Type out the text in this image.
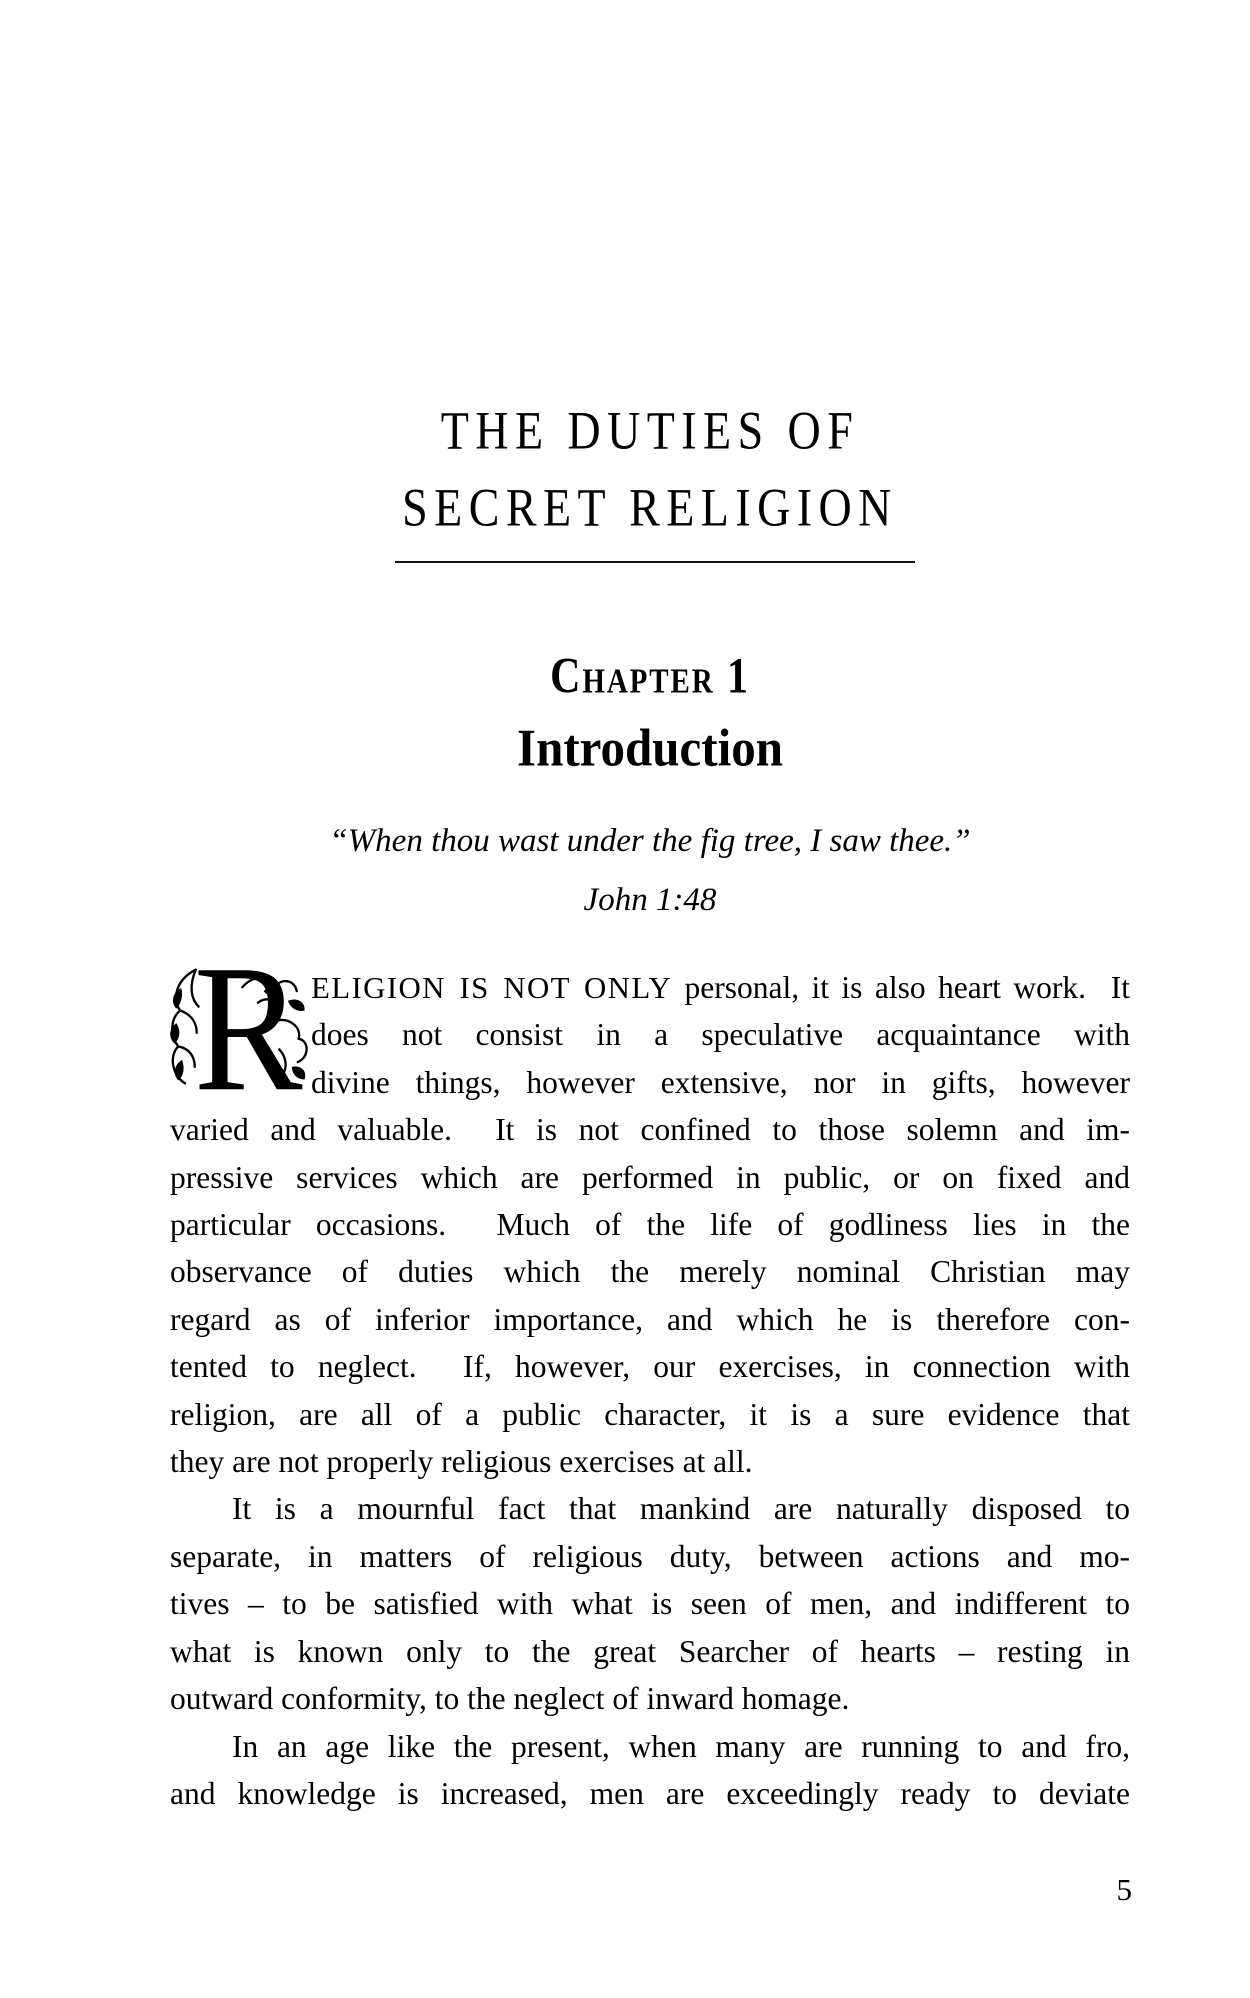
THE DUTIES OF
SECRET RELIGION
Chapter 1
Introduction
“When thou wast under the fig tree, I saw thee.”
John 1:48
R ELIGION IS NOT ONLY personal, it is also heart work.  It
does not consist in a speculative acquaintance with
divine things, however extensive, nor in gifts, however
varied and valuable.  It is not confined to those solemn and im-
pressive services which are performed in public, or on fixed and
particular occasions.  Much of the life of godliness lies in the
observance of duties which the merely nominal Christian may
regard as of inferior importance, and which he is therefore con-
tented to neglect.  If, however, our exercises, in connection with
religion, are all of a public character, it is a sure evidence that
they are not properly religious exercises at all.
It is a mournful fact that mankind are naturally disposed to
separate, in matters of religious duty, between actions and mo-
tives – to be satisfied with what is seen of men, and indifferent to
what is known only to the great Searcher of hearts – resting in
outward conformity, to the neglect of inward homage.
In an age like the present, when many are running to and fro,
and knowledge is increased, men are exceedingly ready to deviate
5
